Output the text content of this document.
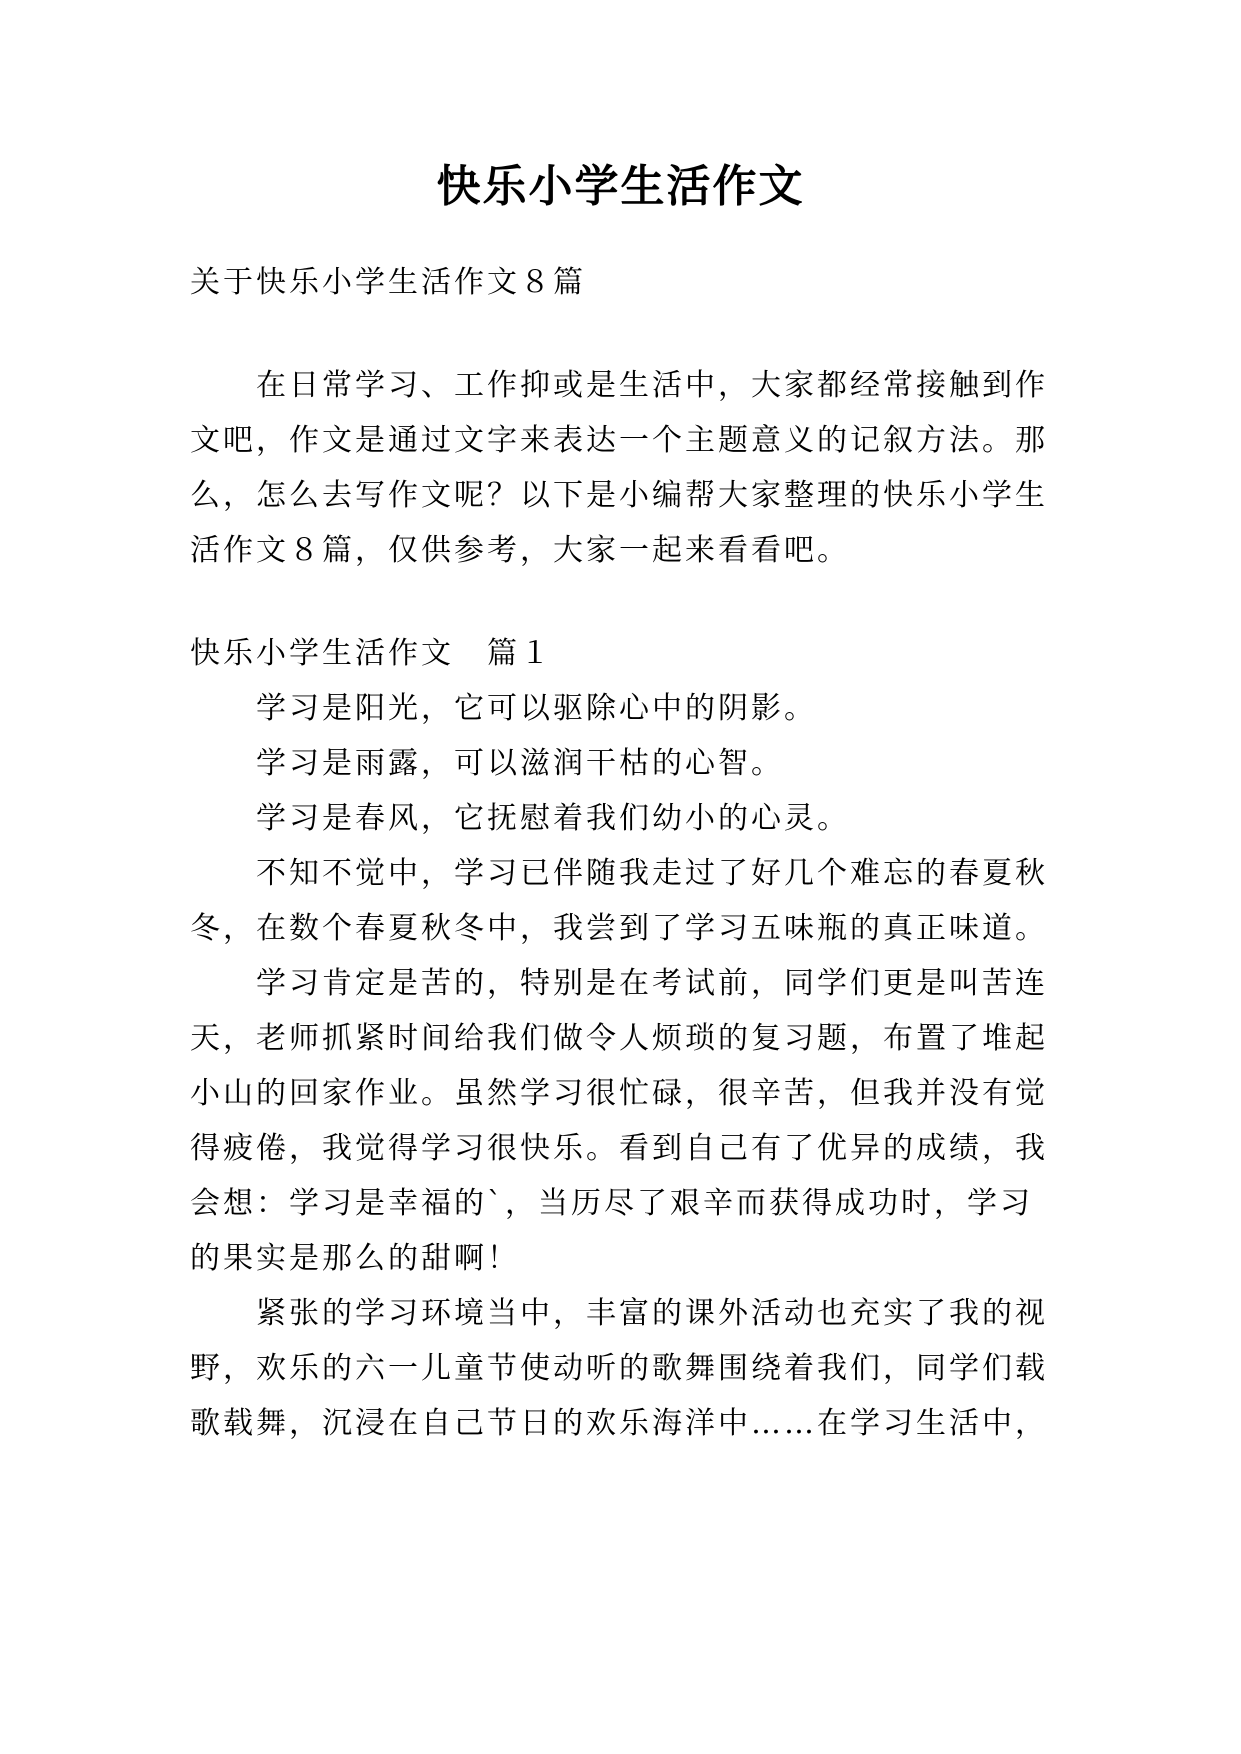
快乐小学生活作文

关于快乐小学生活作文８篇

在日常学习、工作抑或是生活中，大家都经常接触到作

文吧，作文是通过文字来表达一个主题意义的记叙方法。那

么，怎么去写作文呢？以下是小编帮大家整理的快乐小学生

活作文８篇，仅供参考，大家一起来看看吧。

快乐小学生活作文　篇１

学习是阳光，它可以驱除心中的阴影。

学习是雨露，可以滋润干枯的心智。

学习是春风，它抚慰着我们幼小的心灵。

不知不觉中，学习已伴随我走过了好几个难忘的春夏秋

冬，在数个春夏秋冬中，我尝到了学习五味瓶的真正味道。

学习肯定是苦的，特别是在考试前，同学们更是叫苦连

天，老师抓紧时间给我们做令人烦琐的复习题，布置了堆起

小山的回家作业。虽然学习很忙碌，很辛苦，但我并没有觉

得疲倦，我觉得学习很快乐。看到自己有了优异的成绩，我

会想：学习是幸福的`，当历尽了艰辛而获得成功时，学习

的果实是那么的甜啊！

紧张的学习环境当中，丰富的课外活动也充实了我的视

野，欢乐的六一儿童节使动听的歌舞围绕着我们，同学们载

歌载舞，沉浸在自己节日的欢乐海洋中……在学习生活中，
